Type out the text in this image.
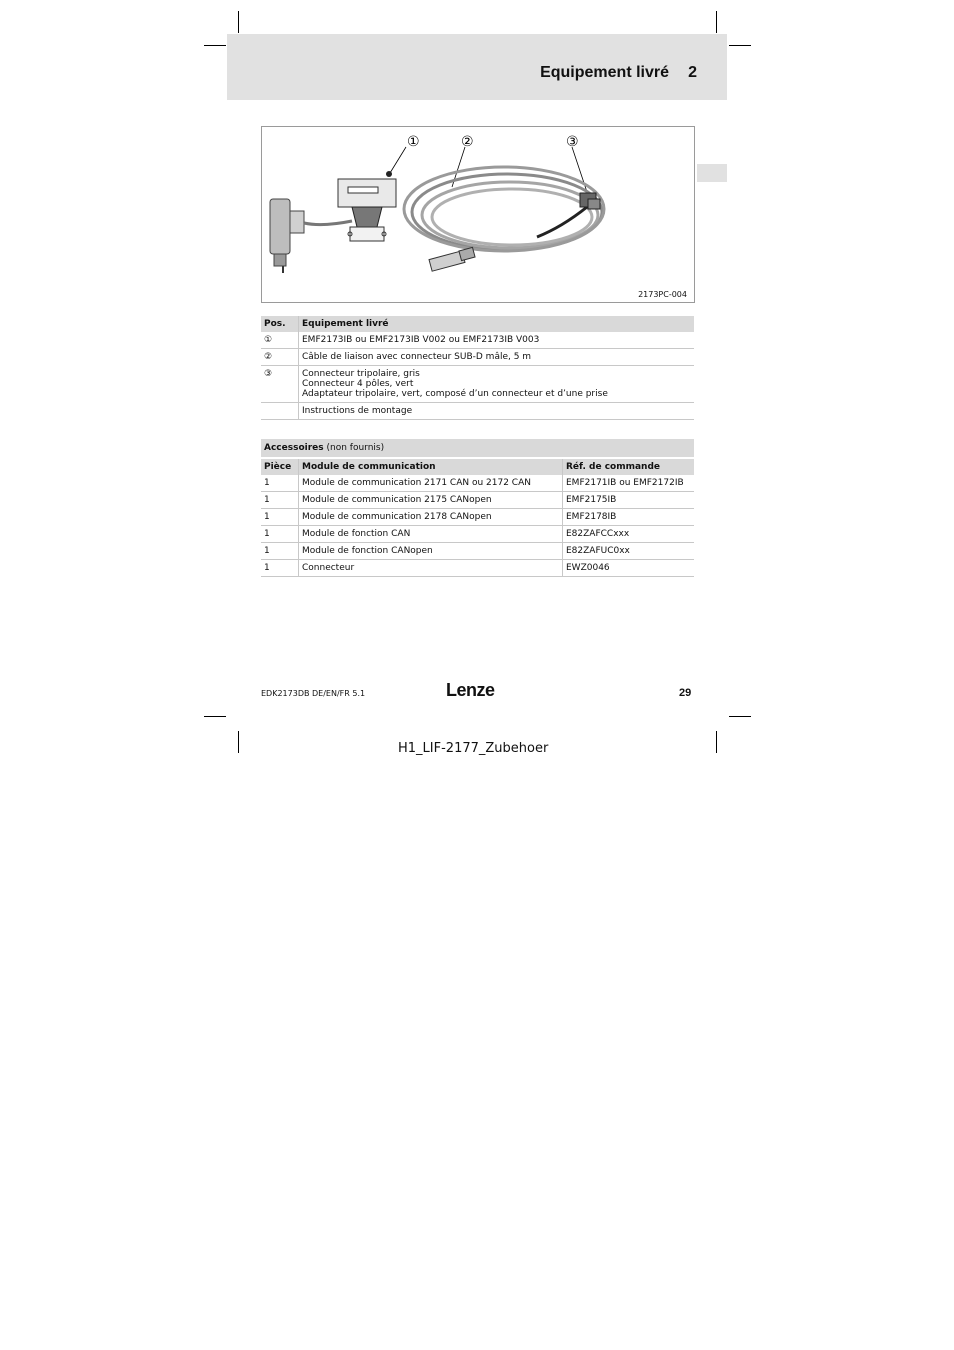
Equipement livré 2
①	②	③
2173PC-004
Pos.	Equipement livré
①	EMF2173IB ou EMF2173IB V002 ou EMF2173IB V003
②	Câble de liaison avec connecteur SUB-D mâle, 5 m
③	Connecteur tripolaire, gris
Connecteur 4 pôles, vert
Adaptateur tripolaire, vert, composé d’un connecteur et d’une prise

	Instructions de montage
Accessoires (non fournis)		
Pièce	Module de communication	Réf. de commande
1	Module de communication 2171 CAN ou 2172 CAN	EMF2171IB ou EMF2172IB
1	Module de communication 2175 CANopen	EMF2175IB
1	Module de communication 2178 CANopen	EMF2178IB
1	Module de fonction CAN	E82ZAFCCxxx
1	Module de fonction CANopen	E82ZAFUC0xx
1	Connecteur	EWZ0046
EDK2173DB DE/EN/FR 5.1	Lenze	29
H1_LIF-2177_Zubehoer
